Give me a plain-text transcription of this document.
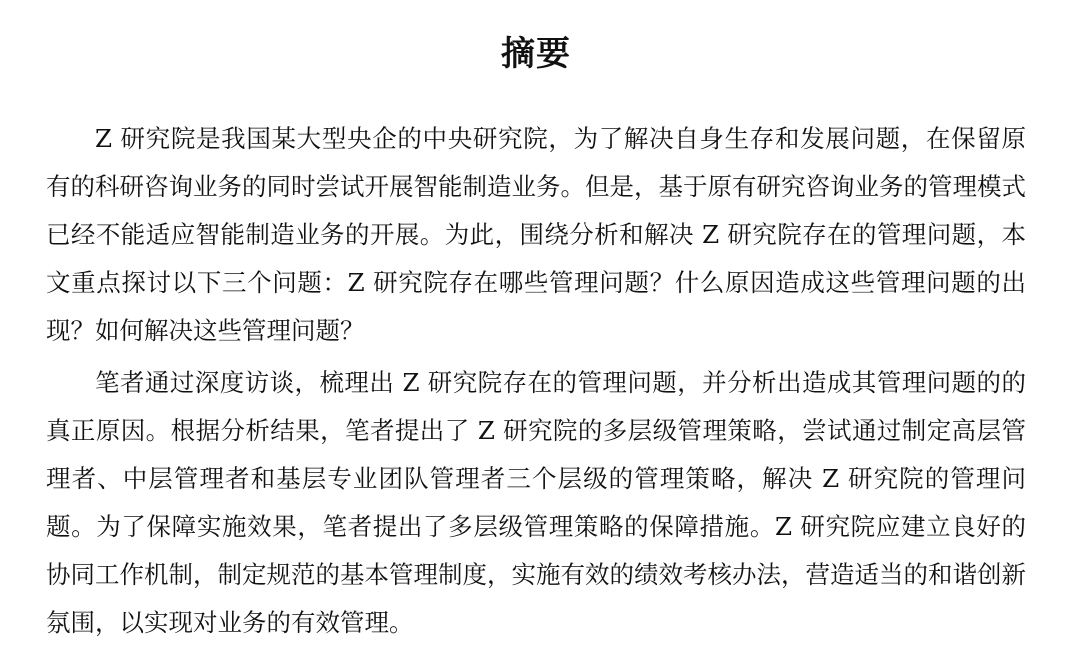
摘要

Z 研究院是我国某大型央企的中央研究院，为了解决自身生存和发展问题，在保留原有的科研咨询业务的同时尝试开展智能制造业务。但是，基于原有研究咨询业务的管理模式已经不能适应智能制造业务的开展。为此，围绕分析和解决 Z 研究院存在的管理问题，本文重点探讨以下三个问题：Z 研究院存在哪些管理问题？什么原因造成这些管理问题的出现？如何解决这些管理问题？

笔者通过深度访谈，梳理出 Z 研究院存在的管理问题，并分析出造成其管理问题的的真正原因。根据分析结果，笔者提出了 Z 研究院的多层级管理策略，尝试通过制定高层管理者、中层管理者和基层专业团队管理者三个层级的管理策略，解决 Z 研究院的管理问题。为了保障实施效果，笔者提出了多层级管理策略的保障措施。Z 研究院应建立良好的协同工作机制，制定规范的基本管理制度，实施有效的绩效考核办法，营造适当的和谐创新氛围，以实现对业务的有效管理。
